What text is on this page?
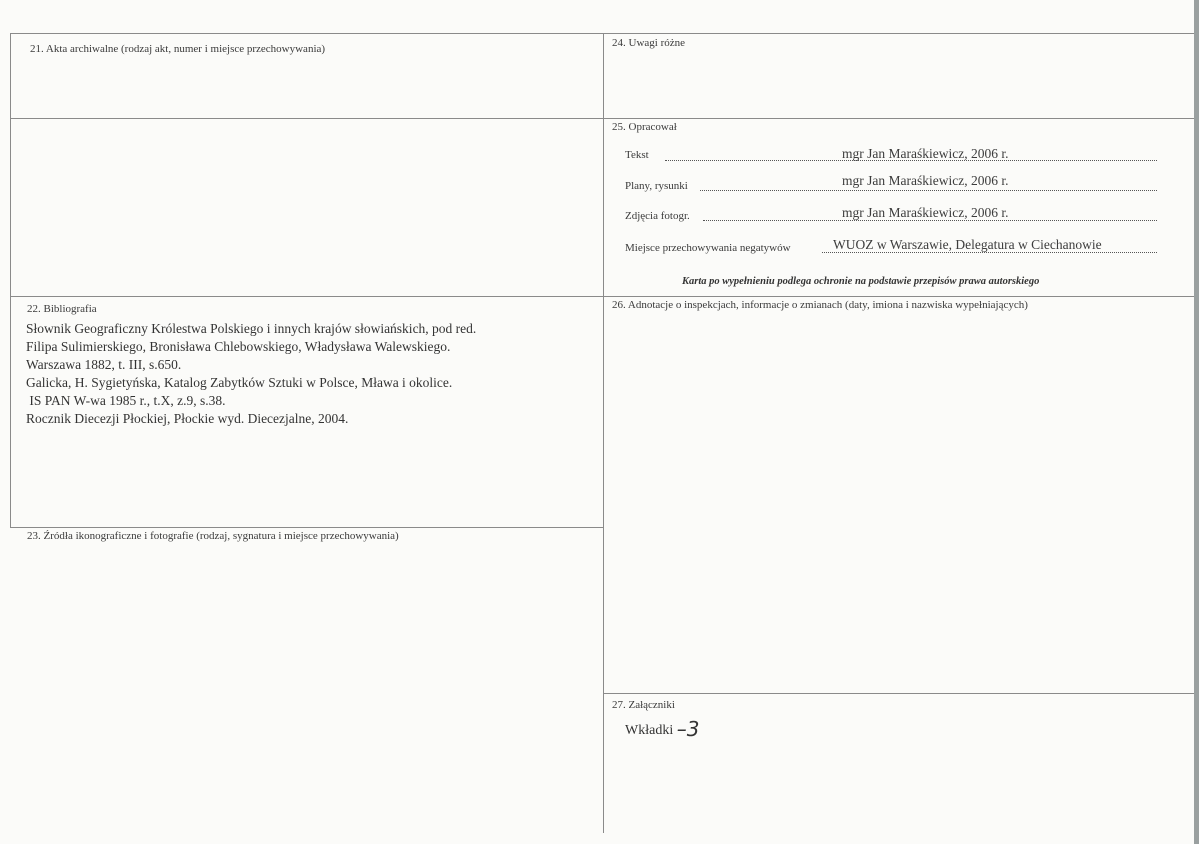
21. Akta archiwalne (rodzaj akt, numer i miejsce przechowywania)	24. Uwagi różne
25. Opracował
22. Bibliografia	26. Adnotacje o inspekcjach, informacje o zmianach (daty, imiona i nazwiska wypełniających)
23. Źródła ikonograficzne i fotografie (rodzaj, sygnatura i miejsce przechowywania)
27. Załączniki
Tekst	mgr Jan Maraśkiewicz, 2006 r.
Plany, rysunki	mgr Jan Maraśkiewicz, 2006 r.
Zdjęcia fotogr.	mgr Jan Maraśkiewicz, 2006 r.
Miejsce przechowywania negatywów	WUOZ w Warszawie, Delegatura w Ciechanowie
Karta po wypełnieniu podlega ochronie na podstawie przepisów prawa autorskiego
Słownik Geograficzny Królestwa Polskiego i innych krajów słowiańskich, pod red.
Filipa Sulimierskiego, Bronisława Chlebowskiego, Władysława Walewskiego.
Warszawa 1882, t. III, s.650.
Galicka, H. Sygietyńska, Katalog Zabytków Sztuki w Polsce, Mława i okolice.
IS PAN W-wa 1985 r., t.X, z.9, s.38.
Rocznik Diecezji Płockiej, Płockie wyd. Diecezjalne, 2004.
Wkładki –3
